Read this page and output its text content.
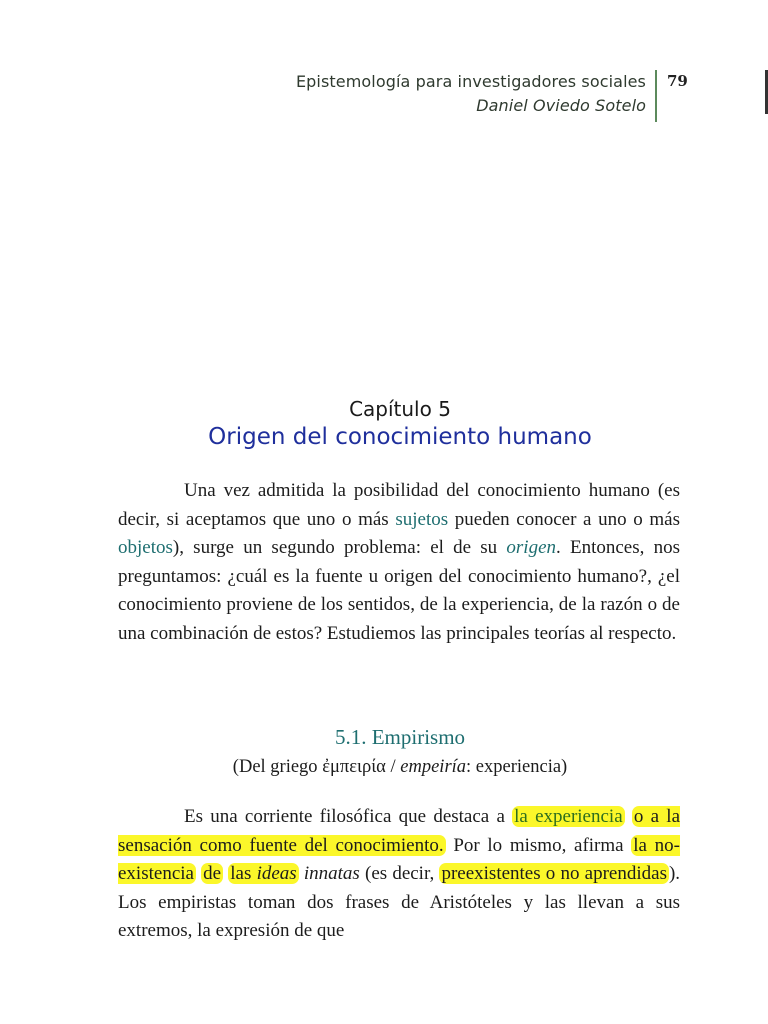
Epistemología para investigadores sociales
Daniel Oviedo Sotelo
79
Capítulo 5
Origen del conocimiento humano

Una vez admitida la posibilidad del conocimiento humano (es decir, si aceptamos que uno o más sujetos pueden conocer a uno o más objetos), surge un segundo problema: el de su origen. Entonces, nos preguntamos: ¿cuál es la fuente u origen del conocimiento humano?, ¿el conocimiento proviene de los sentidos, de la experiencia, de la razón o de una combinación de estos? Estudiemos las principales teorías al respecto.

5.1. Empirismo
(Del griego ἐμπειρία / empeiría: experiencia)

Es una corriente filosófica que destaca a la experiencia o a la sensación como fuente del conocimiento. Por lo mismo, afirma la no-existencia de las ideas innatas (es decir, preexistentes o no aprendidas ). Los empiristas toman dos frases de Aristóteles y las llevan a sus extremos, la expresión de que
